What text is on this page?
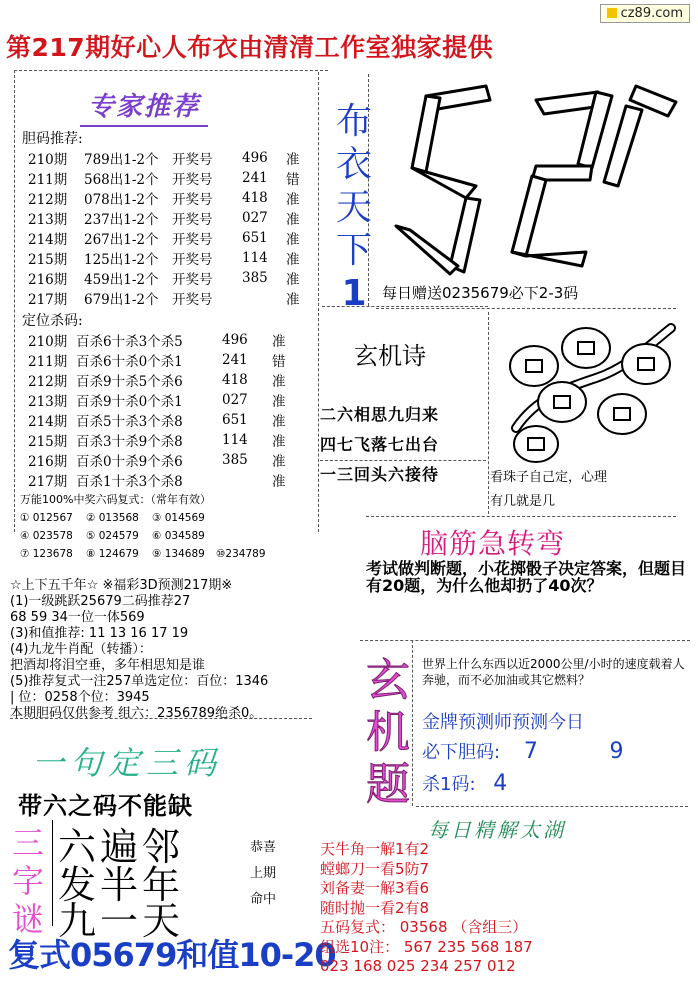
cz89.com
第217期好心人布衣由清清工作室独家提供
专家推荐
胆码推荐:
210期	789出1-2个	开奖号	496	准
211期	568出1-2个	开奖号	241	错
212期	078出1-2个	开奖号	418	准
213期	237出1-2个	开奖号	027	准
214期	267出1-2个	开奖号	651	准
215期	125出1-2个	开奖号	114	准
216期	459出1-2个	开奖号	385	准
217期	679出1-2个	开奖号		准
定位杀码:
210期	百杀6十杀3个杀5	496	准
211期	百杀6十杀0个杀1	241	错
212期	百杀9十杀5个杀6	418	准
213期	百杀9十杀0个杀1	027	准
214期	百杀5十杀3个杀8	651	准
215期	百杀3十杀9个杀8	114	准
216期	百杀0十杀9个杀6	385	准
217期	百杀1十杀3个杀8		准
布
衣
天
下
1	每日赠送0235679必下2-3码
玄机诗
二六相思九归来
四七飞落七出台
一三回头六接待	看珠子自己定，心理
有几就是几
万能100%中奖六码复式：（常年有效）
① 012567 ② 013568 ③ 014569
④ 023578 ⑤ 024579 ⑥ 034589
⑦ 123678 ⑧ 124679 ⑨ 134689 ⑩234789	脑筋急转弯
考试做判断题，小花掷骰子决定答案，但题目有20题，为什么他却扔了40次？
☆上下五千年☆ ※福彩3D预测217期※
(1)一级跳跃25679二码推荐27
68 59 34一位一体569
(3)和值推荐: 11 13 16 17 19
(4)九龙牛肖配（转播）：
把酒却将泪空垂，多年相思知是谁
(5)推荐复式一注257单选定位：百位：1346
| 位：0258个位：3945
本期胆码仅供参考 组六：2356789绝杀0。
玄
机
题
世界上什么东西以近2000公里/小时的速度载着人奔驰，而不必加油或其它燃料？
金牌预测师预测今日
必下胆码: 7	9
杀1码: 4
一句定三码
带六之码不能缺
三
字
谜
六遍邻
发半年
九一天
恭喜
上期
命中
复式05679和值10-20
每日精解太湖
天牛角一解1有2
螳螂刀一看5防7
刘备妻一解3看6
随时抛一看2有8
五码复式： 03568 （含组三）
组选10注： 567 235 568 187
023 168 025 234 257 012
